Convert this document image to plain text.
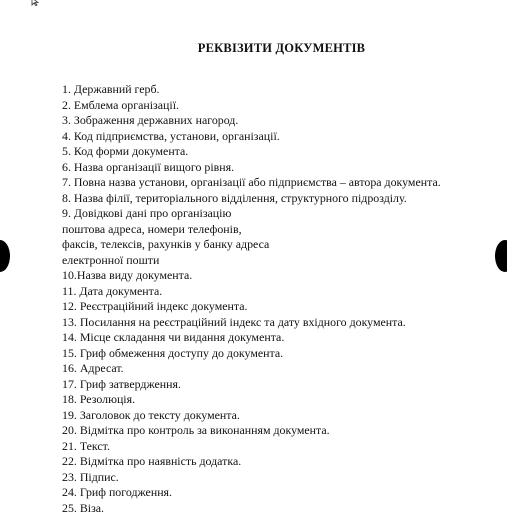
РЕКВІЗИТИ ДОКУМЕНТІВ
1. Державний герб.
2. Емблема організації.
3. Зображення державних нагород.
4. Код підприємства, установи, організації.
5. Код форми документа.
6. Назва організації вищого рівня.
7. Повна назва установи, організації або підприємства – автора документа.
8. Назва філії, територіального відділення, структурного підрозділу.
9. Довідкові дані про організацію
поштова адреса, номери телефонів,
факсів, телексів, рахунків у банку адреса
електронної пошти
10.Назва виду документа.
11. Дата документа.
12. Реєстраційний індекс документа.
13. Посилання на реєстраційний індекс та дату вхідного документа.
14. Місце складання чи видання документа.
15. Гриф обмеження доступу до документа.
16. Адресат.
17. Гриф затвердження.
18. Резолюція.
19. Заголовок до тексту документа.
20. Відмітка про контроль за виконанням документа.
21. Текст.
22. Відмітка про наявність додатка.
23. Підпис.
24. Гриф погодження.
25. Віза.
